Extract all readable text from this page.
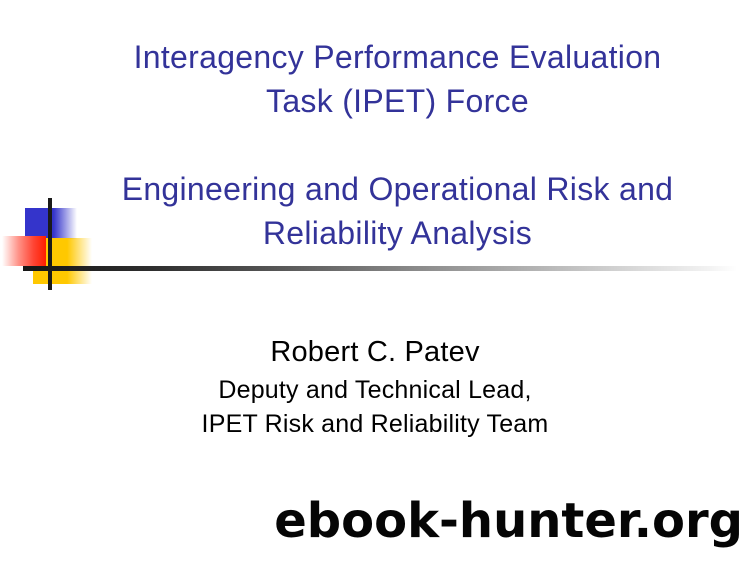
Interagency Performance Evaluation
Task (IPET) Force
Engineering and Operational Risk and
Reliability Analysis
Robert C. Patev
Deputy and Technical Lead,
IPET Risk and Reliability Team
ebook-hunter.org
